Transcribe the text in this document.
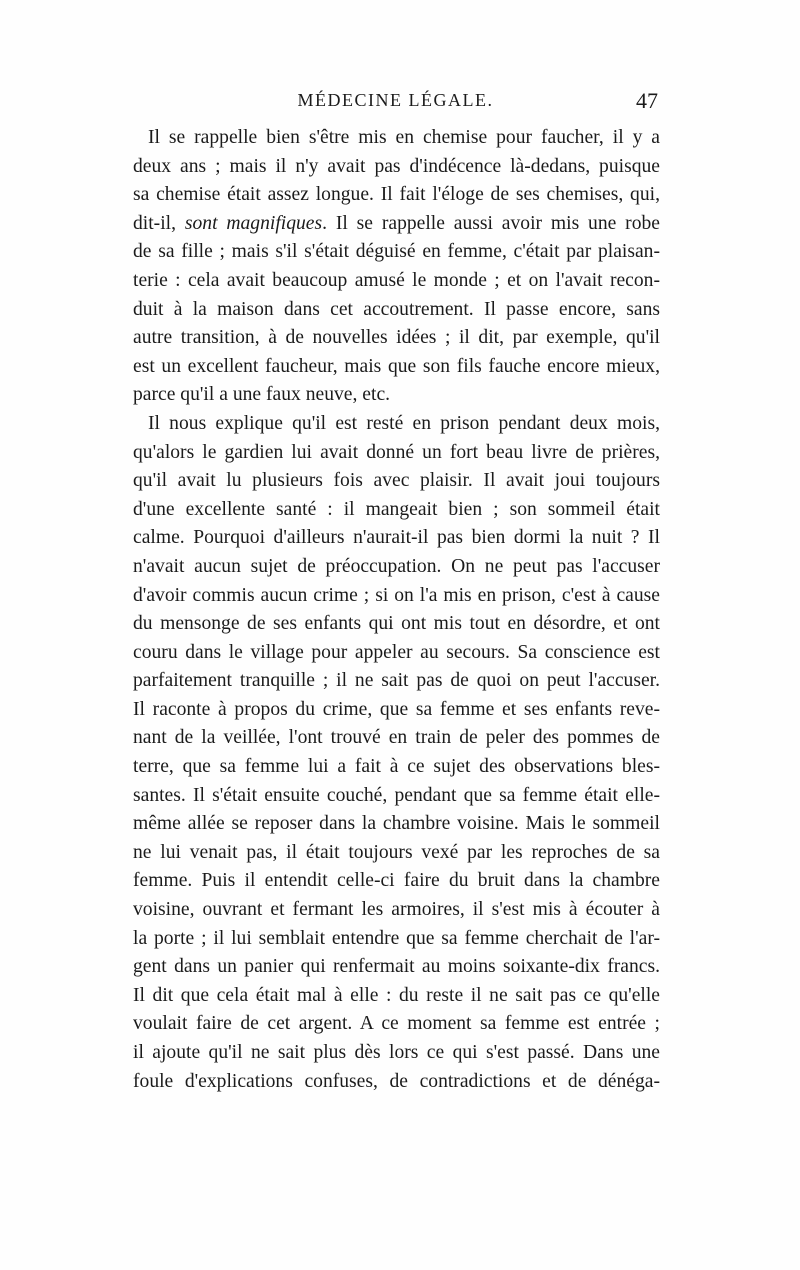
MÉDECINE LÉGALE.	47
Il se rappelle bien s'être mis en chemise pour faucher, il y a
deux ans ; mais il n'y avait pas d'indécence là-dedans, puisque
sa chemise était assez longue. Il fait l'éloge de ses chemises, qui,
dit-il, sont magnifiques. Il se rappelle aussi avoir mis une robe
de sa fille ; mais s'il s'était déguisé en femme, c'était par plaisan-
terie : cela avait beaucoup amusé le monde ; et on l'avait recon-
duit à la maison dans cet accoutrement. Il passe encore, sans
autre transition, à de nouvelles idées ; il dit, par exemple, qu'il
est un excellent faucheur, mais que son fils fauche encore mieux,
parce qu'il a une faux neuve, etc.
Il nous explique qu'il est resté en prison pendant deux mois,
qu'alors le gardien lui avait donné un fort beau livre de prières,
qu'il avait lu plusieurs fois avec plaisir. Il avait joui toujours
d'une excellente santé : il mangeait bien ; son sommeil était
calme. Pourquoi d'ailleurs n'aurait-il pas bien dormi la nuit ? Il
n'avait aucun sujet de préoccupation. On ne peut pas l'accuser
d'avoir commis aucun crime ; si on l'a mis en prison, c'est à cause
du mensonge de ses enfants qui ont mis tout en désordre, et ont
couru dans le village pour appeler au secours. Sa conscience est
parfaitement tranquille ; il ne sait pas de quoi on peut l'accuser.
Il raconte à propos du crime, que sa femme et ses enfants reve-
nant de la veillée, l'ont trouvé en train de peler des pommes de
terre, que sa femme lui a fait à ce sujet des observations bles-
santes. Il s'était ensuite couché, pendant que sa femme était elle-
même allée se reposer dans la chambre voisine. Mais le sommeil
ne lui venait pas, il était toujours vexé par les reproches de sa
femme. Puis il entendit celle-ci faire du bruit dans la chambre
voisine, ouvrant et fermant les armoires, il s'est mis à écouter à
la porte ; il lui semblait entendre que sa femme cherchait de l'ar-
gent dans un panier qui renfermait au moins soixante-dix francs.
Il dit que cela était mal à elle : du reste il ne sait pas ce qu'elle
voulait faire de cet argent. A ce moment sa femme est entrée ;
il ajoute qu'il ne sait plus dès lors ce qui s'est passé. Dans une
foule d'explications confuses, de contradictions et de dénéga-
